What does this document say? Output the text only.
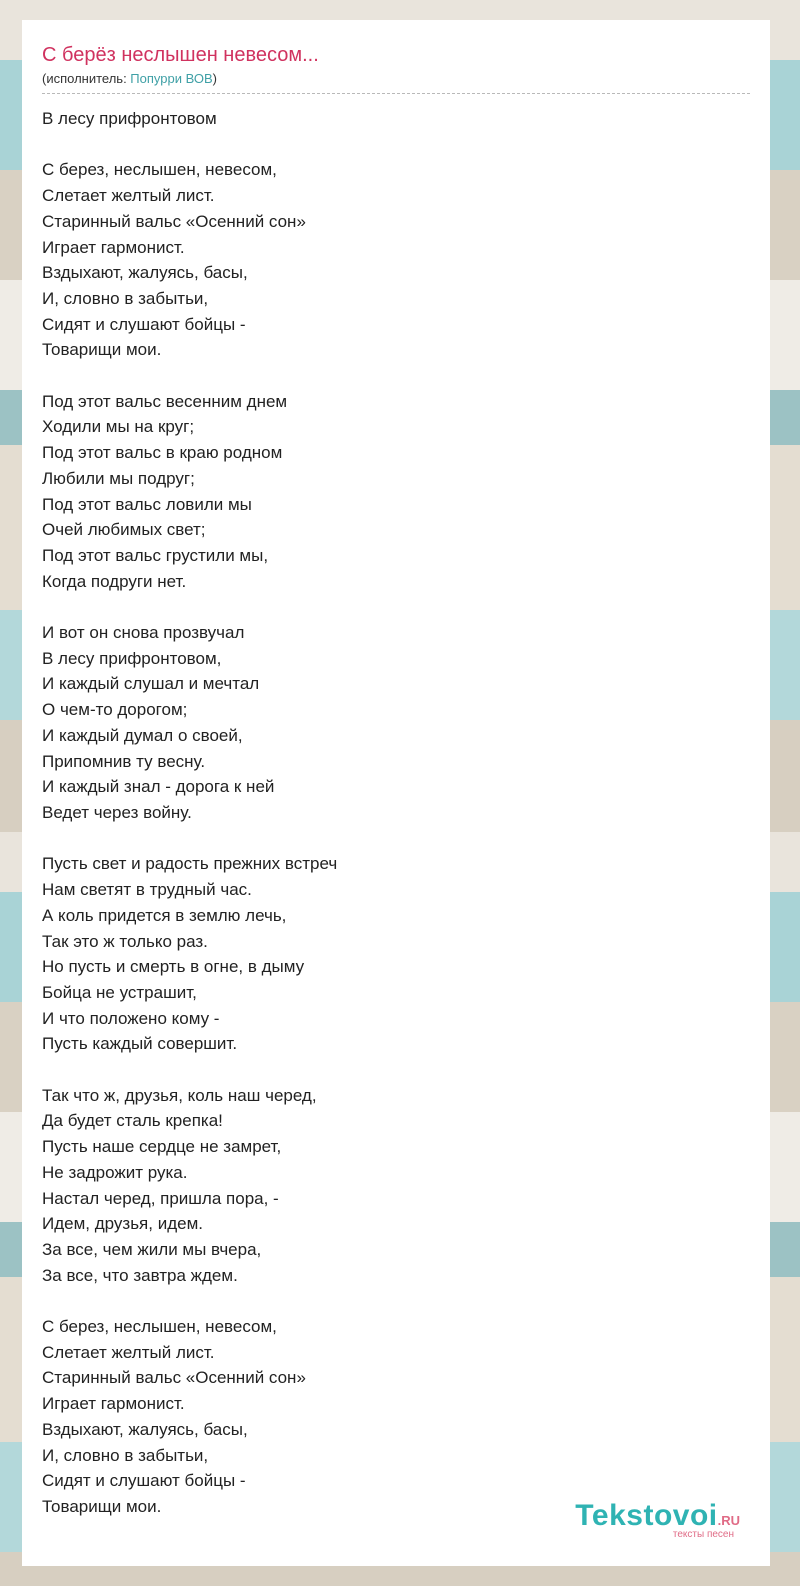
С берёз неслышен невесом...
(исполнитель: Попурри ВОВ)
В лесу прифронтовом

С берез, неслышен, невесом,
Слетает желтый лист.
Старинный вальс «Осенний сон»
Играет гармонист.
Вздыхают, жалуясь, басы,
И, словно в забытьи,
Сидят и слушают бойцы -
Товарищи мои.

Под этот вальс весенним днем
Ходили мы на круг;
Под этот вальс в краю родном
Любили мы подруг;
Под этот вальс ловили мы
Очей любимых свет;
Под этот вальс грустили мы,
Когда подруги нет.

И вот он снова прозвучал
В лесу прифронтовом,
И каждый слушал и мечтал
О чем-то дорогом;
И каждый думал о своей,
Припомнив ту весну.
И каждый знал - дорога к ней
Ведет через войну.

Пусть свет и радость прежних встреч
Нам светят в трудный час.
А коль придется в землю лечь,
Так это ж только раз.
Но пусть и смерть в огне, в дыму
Бойца не устрашит,
И что положено кому -
Пусть каждый совершит.

Так что ж, друзья, коль наш черед,
Да будет сталь крепка!
Пусть наше сердце не замрет,
Не задрожит рука.
Настал черед, пришла пора, -
Идем, друзья, идем.
За все, чем жили мы вчера,
За все, что завтра ждем.

С берез, неслышен, невесом,
Слетает желтый лист.
Старинный вальс «Осенний сон»
Играет гармонист.
Вздыхают, жалуясь, басы,
И, словно в забытьи,
Сидят и слушают бойцы -
Товарищи мои.	Tekstovoi.RU
тексты песен
